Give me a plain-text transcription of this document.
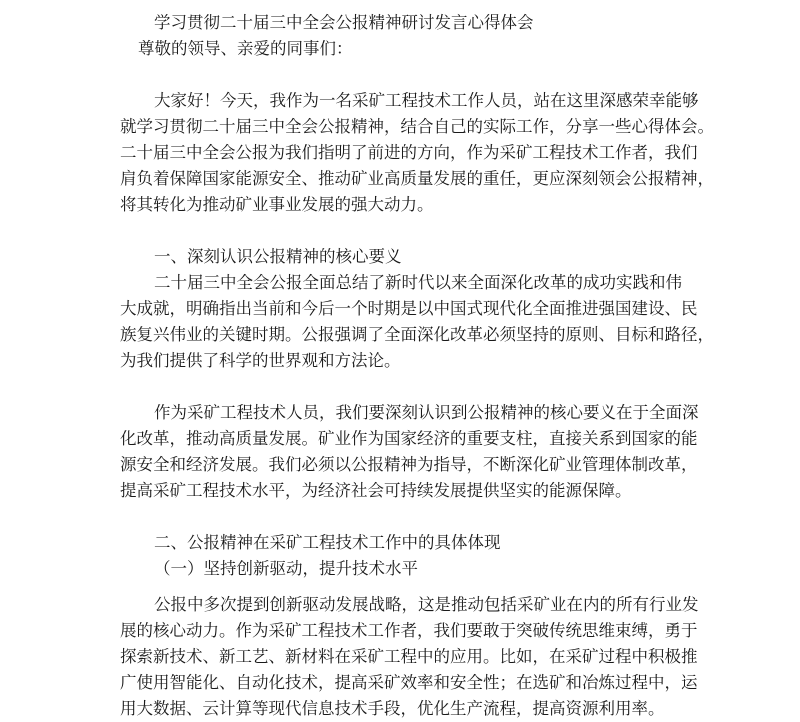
学习贯彻二十届三中全会公报精神研讨发言心得体会
尊敬的领导、亲爱的同事们：
大家好！今天，我作为一名采矿工程技术工作人员，站在这里深感荣幸能够
就学习贯彻二十届三中全会公报精神，结合自己的实际工作，分享一些心得体会。
二十届三中全会公报为我们指明了前进的方向，作为采矿工程技术工作者，我们
肩负着保障国家能源安全、推动矿业高质量发展的重任，更应深刻领会公报精神，
将其转化为推动矿业事业发展的强大动力。
一、深刻认识公报精神的核心要义
二十届三中全会公报全面总结了新时代以来全面深化改革的成功实践和伟
大成就，明确指出当前和今后一个时期是以中国式现代化全面推进强国建设、民
族复兴伟业的关键时期。公报强调了全面深化改革必须坚持的原则、目标和路径，
为我们提供了科学的世界观和方法论。
作为采矿工程技术人员，我们要深刻认识到公报精神的核心要义在于全面深
化改革，推动高质量发展。矿业作为国家经济的重要支柱，直接关系到国家的能
源安全和经济发展。我们必须以公报精神为指导，不断深化矿业管理体制改革，
提高采矿工程技术水平，为经济社会可持续发展提供坚实的能源保障。
二、公报精神在采矿工程技术工作中的具体体现
（一）坚持创新驱动，提升技术水平
公报中多次提到创新驱动发展战略，这是推动包括采矿业在内的所有行业发
展的核心动力。作为采矿工程技术工作者，我们要敢于突破传统思维束缚，勇于
探索新技术、新工艺、新材料在采矿工程中的应用。比如，在采矿过程中积极推
广使用智能化、自动化技术，提高采矿效率和安全性；在选矿和冶炼过程中，运
用大数据、云计算等现代信息技术手段，优化生产流程，提高资源利用率。
